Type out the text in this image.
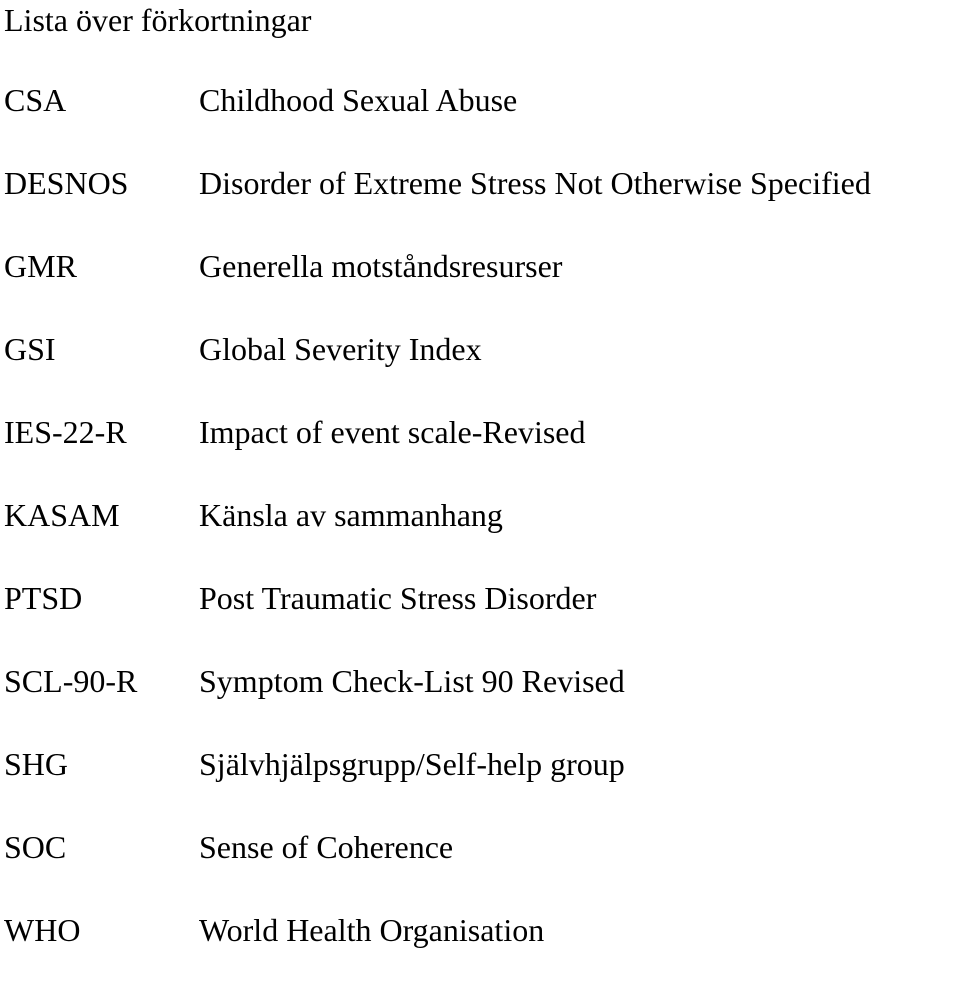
Lista över förkortningar
CSA	Childhood Sexual Abuse
DESNOS Disorder of Extreme Stress Not Otherwise Specified
GMR	Generella motståndsresurser
GSI	Global Severity Index
IES-22-R Impact of event scale-Revised
KASAM Känsla av sammanhang
PTSD	Post Traumatic Stress Disorder
SCL-90-R Symptom Check-List 90 Revised
SHG	Självhjälpsgrupp/Self-help group
SOC	Sense of Coherence
WHO	World Health Organisation
